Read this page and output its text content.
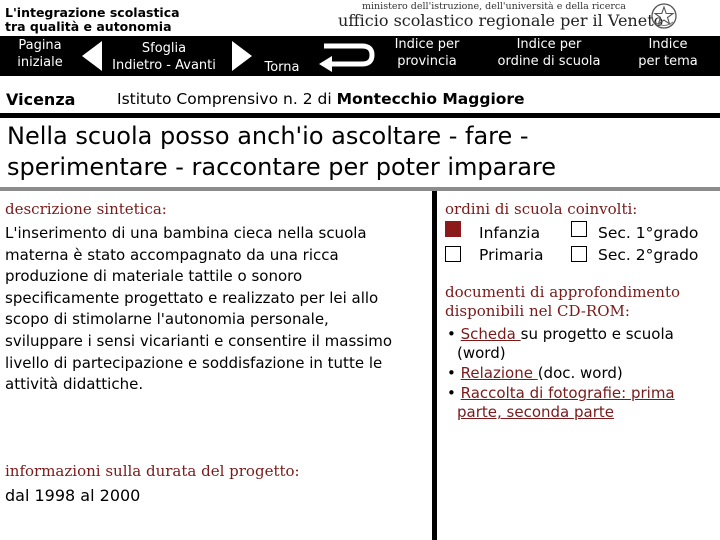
L'integrazione scolastica
tra qualità e autonomia
ministero dell'istruzione, dell'università e della ricerca
ufficio scolastico regionale per il Veneto
Pagina
iniziale
Sfoglia
Indietro - Avanti	Torna
Indice per
provincia
Indice per
ordine di scuola
Indice
per tema
Vicenza	Istituto Comprensivo n. 2 di Montecchio Maggiore
Nella scuola posso anch'io ascoltare - fare -
sperimentare - raccontare per poter imparare
descrizione sintetica:
L'inserimento di una bambina cieca nella scuola
materna è stato accompagnato da una ricca
produzione di materiale tattile o sonoro
specificamente progettato e realizzato per lei allo
scopo di stimolarne l'autonomia personale,
sviluppare i sensi vicarianti e consentire il massimo
livello di partecipazione e soddisfazione in tutte le
attività didattiche.
informazioni sulla durata del progetto:
dal 1998 al 2000
ordini di scuola coinvolti:
Infanzia	Sec. 1°grado
Primaria	Sec. 2°grado
documenti di approfondimento
disponibili nel CD-ROM:
• Scheda su progetto e scuola
(word)
• Relazione (doc. word)
• Raccolta di fotografie: prima
parte, seconda parte
